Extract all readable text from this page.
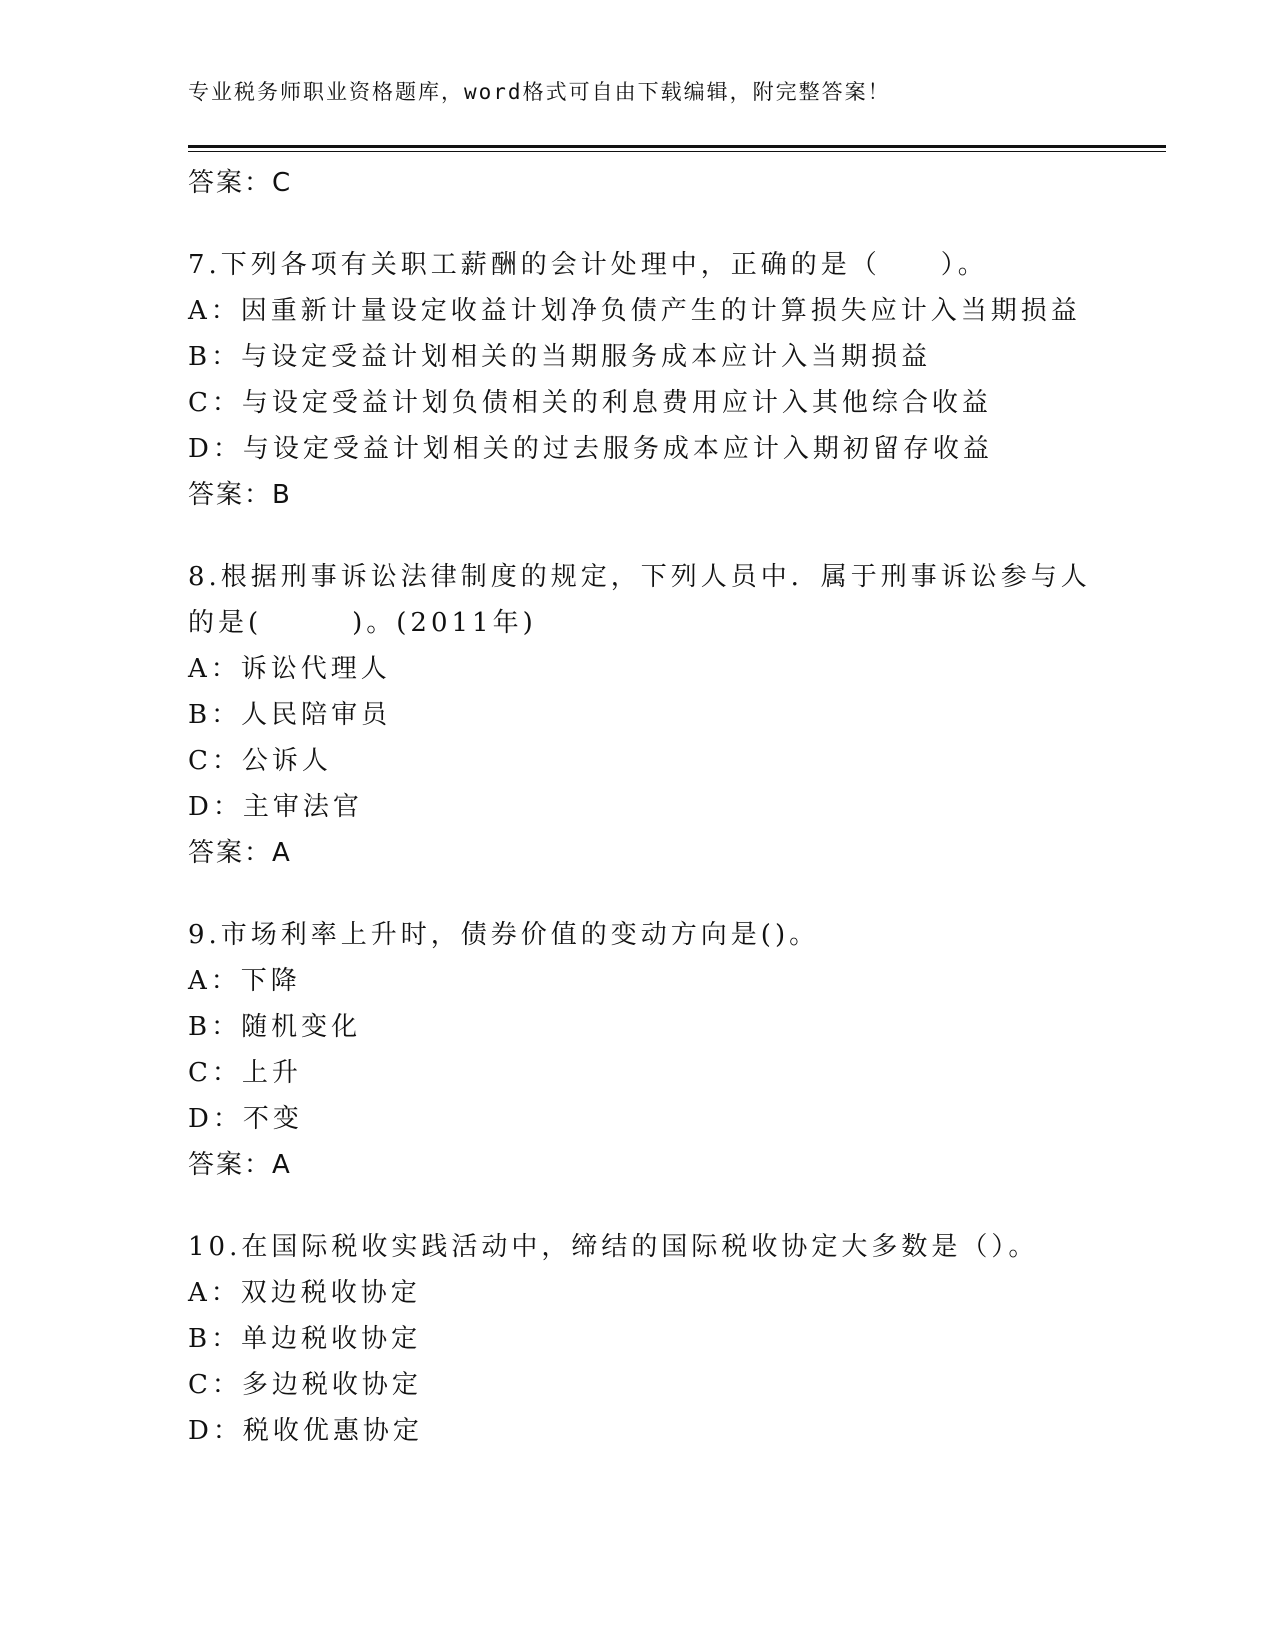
专业税务师职业资格题库，word格式可自由下载编辑，附完整答案！
答案：C
7.下列各项有关职工薪酬的会计处理中，正确的是（　　）。
A：因重新计量设定收益计划净负债产生的计算损失应计入当期损益
B：与设定受益计划相关的当期服务成本应计入当期损益
C：与设定受益计划负债相关的利息费用应计入其他综合收益
D：与设定受益计划相关的过去服务成本应计入期初留存收益
答案：B
8.根据刑事诉讼法律制度的规定，下列人员中．属于刑事诉讼参与人
的是(　　　)。(2011年)
A：诉讼代理人
B：人民陪审员
C：公诉人
D：主审法官
答案：A
9.市场利率上升时，债券价值的变动方向是()。
A：下降
B：随机变化
C：上升
D：不变
答案：A
10.在国际税收实践活动中，缔结的国际税收协定大多数是（）。
A：双边税收协定
B：单边税收协定
C：多边税收协定
D：税收优惠协定
